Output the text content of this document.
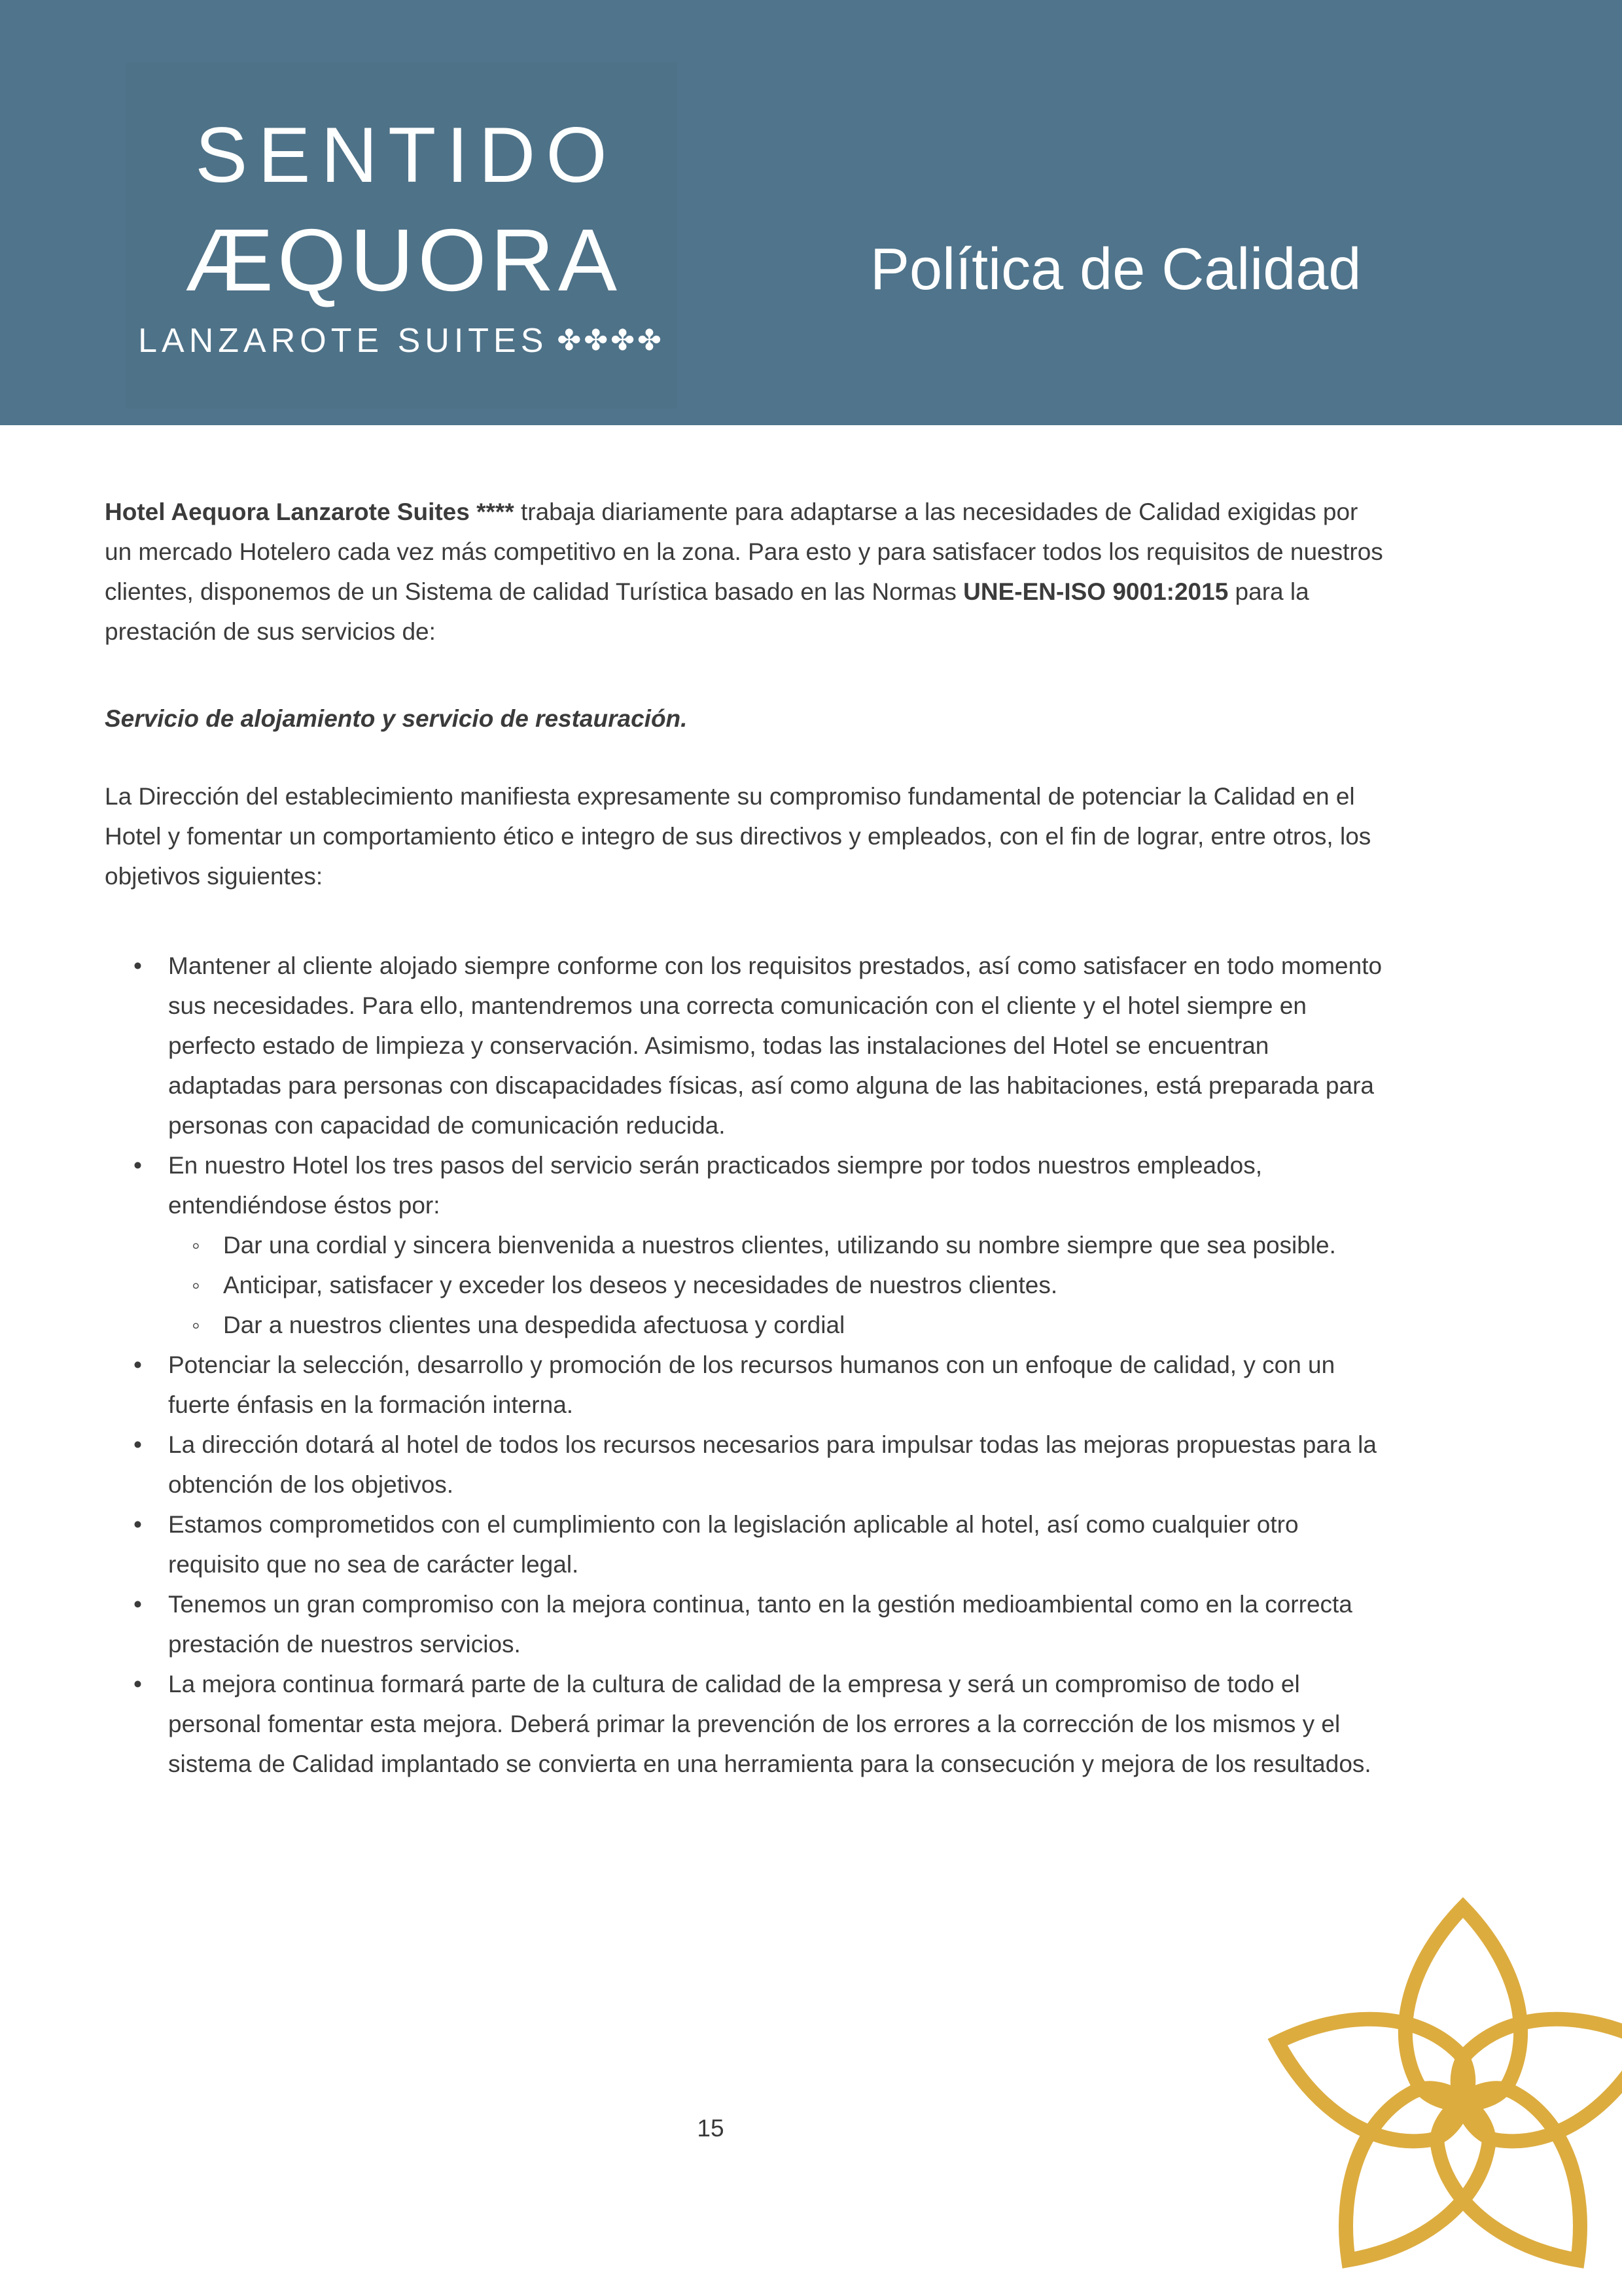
SENTIDO
ÆQUORA
LANZAROTE SUITES ✤✤✤✤
Política de Calidad

Hotel Aequora Lanzarote Suites **** trabaja diariamente para adaptarse a las necesidades de Calidad exigidas por un mercado Hotelero cada vez más competitivo en la zona. Para esto y para satisfacer todos los requisitos de nuestros clientes, disponemos de un Sistema de calidad Turística basado en las Normas UNE-EN-ISO 9001:2015 para la prestación de sus servicios de:

Servicio de alojamiento y servicio de restauración.

La Dirección del establecimiento manifiesta expresamente su compromiso fundamental de potenciar la Calidad en el Hotel y fomentar un comportamiento ético e integro de sus directivos y empleados, con el fin de lograr, entre otros, los objetivos siguientes:

• Mantener al cliente alojado siempre conforme con los requisitos prestados, así como satisfacer en todo momento sus necesidades. Para ello, mantendremos una correcta comunicación con el cliente y el hotel siempre en perfecto estado de limpieza y conservación. Asimismo, todas las instalaciones del Hotel se encuentran adaptadas para personas con discapacidades físicas, así como alguna de las habitaciones, está preparada para personas con capacidad de comunicación reducida.
• En nuestro Hotel los tres pasos del servicio serán practicados siempre por todos nuestros empleados, entendiéndose éstos por:
◦ Dar una cordial y sincera bienvenida a nuestros clientes, utilizando su nombre siempre que sea posible.
◦ Anticipar, satisfacer y exceder los deseos y necesidades de nuestros clientes.
◦ Dar a nuestros clientes una despedida afectuosa y cordial
• Potenciar la selección, desarrollo y promoción de los recursos humanos con un enfoque de calidad, y con un fuerte énfasis en la formación interna.
• La dirección dotará al hotel de todos los recursos necesarios para impulsar todas las mejoras propuestas para la obtención de los objetivos.
• Estamos comprometidos con el cumplimiento con la legislación aplicable al hotel, así como cualquier otro requisito que no sea de carácter legal.
• Tenemos un gran compromiso con la mejora continua, tanto en la gestión medioambiental como en la correcta prestación de nuestros servicios.
• La mejora continua formará parte de la cultura de calidad de la empresa y será un compromiso de todo el personal fomentar esta mejora. Deberá primar la prevención de los errores a la corrección de los mismos y el sistema de Calidad implantado se convierta en una herramienta para la consecución y mejora de los resultados.
15
